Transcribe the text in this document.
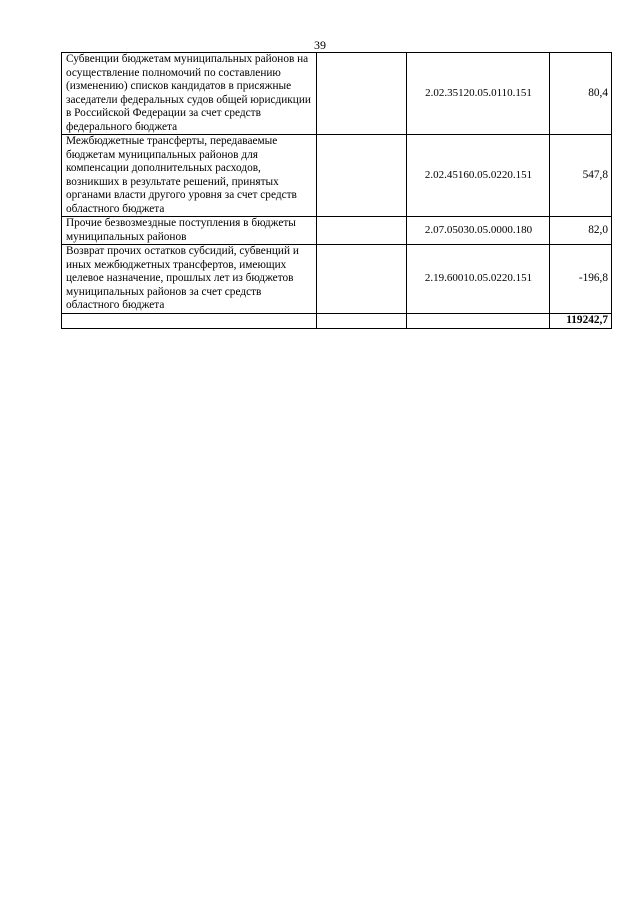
39
Субвенции бюджетам муниципальных районов на осуществление полномочий по составлению (изменению) списков кандидатов в присяжные заседатели федеральных судов общей юрисдикции в Российской Федерации за счет средств федерального бюджета		2.02.35120.05.0110.151	80,4
Межбюджетные трансферты, передаваемые бюджетам муниципальных районов для компенсации дополнительных расходов, возникших в результате решений, принятых органами власти другого уровня за счет средств областного бюджета		2.02.45160.05.0220.151	547,8
Прочие безвозмездные поступления в бюджеты муниципальных районов		2.07.05030.05.0000.180	82,0
Возврат прочих остатков субсидий, субвенций и иных межбюджетных трансфертов, имеющих целевое назначение, прошлых лет из бюджетов муниципальных районов за счет средств областного бюджета		2.19.60010.05.0220.151	-196,8
			119242,7
